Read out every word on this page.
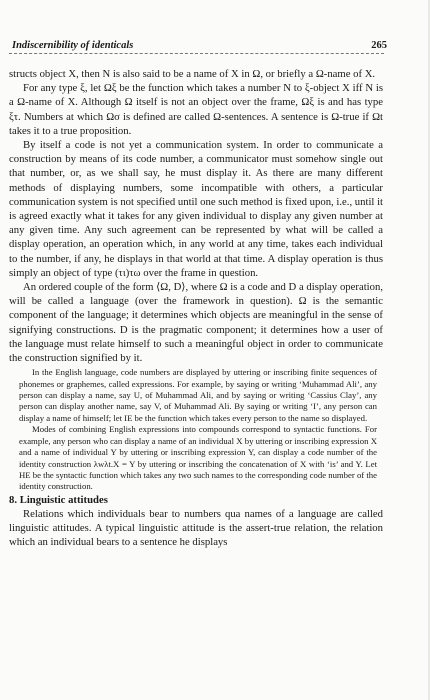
Indiscernibility of identicals	265

structs object X, then N is also said to be a name of X in Ω, or briefly a Ω-name of X.

For any type ξ, let Ωξ be the function which takes a number N to ξ-object X iff N is a Ω-name of X. Although Ω itself is not an object over the frame, Ωξ is and has type ξτ. Numbers at which Ωσ is defined are called Ω-sentences. A sentence is Ω-true if Ωt takes it to a true proposition.

By itself a code is not yet a communication system. In order to communicate a construction by means of its code number, a communicator must somehow single out that number, or, as we shall say, he must display it. As there are many different methods of displaying numbers, some incompatible with others, a particular communication system is not specified until one such method is fixed upon, i.e., until it is agreed exactly what it takes for any given individual to display any given number at any given time. Any such agreement can be represented by what will be called a display operation, an operation which, in any world at any time, takes each individual to the number, if any, he displays in that world at that time. A display operation is thus simply an object of type (τι)τω over the frame in question.

An ordered couple of the form ⟨Ω, D⟩, where Ω is a code and D a display operation, will be called a language (over the framework in question). Ω is the semantic component of the language; it determines which objects are meaningful in the sense of signifying constructions. D is the pragmatic component; it determines how a user of the language must relate himself to such a meaningful object in order to communicate the construction signified by it.

In the English language, code numbers are displayed by uttering or inscribing finite sequences of phonemes or graphemes, called expressions. For example, by saying or writing ‘Muhammad Ali’, any person can display a name, say U, of Muhammad Ali, and by saying or writing ‘Cassius Clay’, any person can display another name, say V, of Muhammad Ali. By saying or writing ‘I’, any person can display a name of himself; let IE be the function which takes every person to the name so displayed.

Modes of combining English expressions into compounds correspond to syntactic functions. For example, any person who can display a name of an individual X by uttering or inscribing expression X and a name of individual Y by uttering or inscribing expression Y, can display a code number of the identity construction λwλt.X = Y by uttering or inscribing the concatenation of X with ‘is’ and Y. Let HE be the syntactic function which takes any two such names to the corresponding code number of the identity construction.

8. Linguistic attitudes

Relations which individuals bear to numbers qua names of a language are called linguistic attitudes. A typical linguistic attitude is the assert-true relation, the relation which an individual bears to a sentence he displays
